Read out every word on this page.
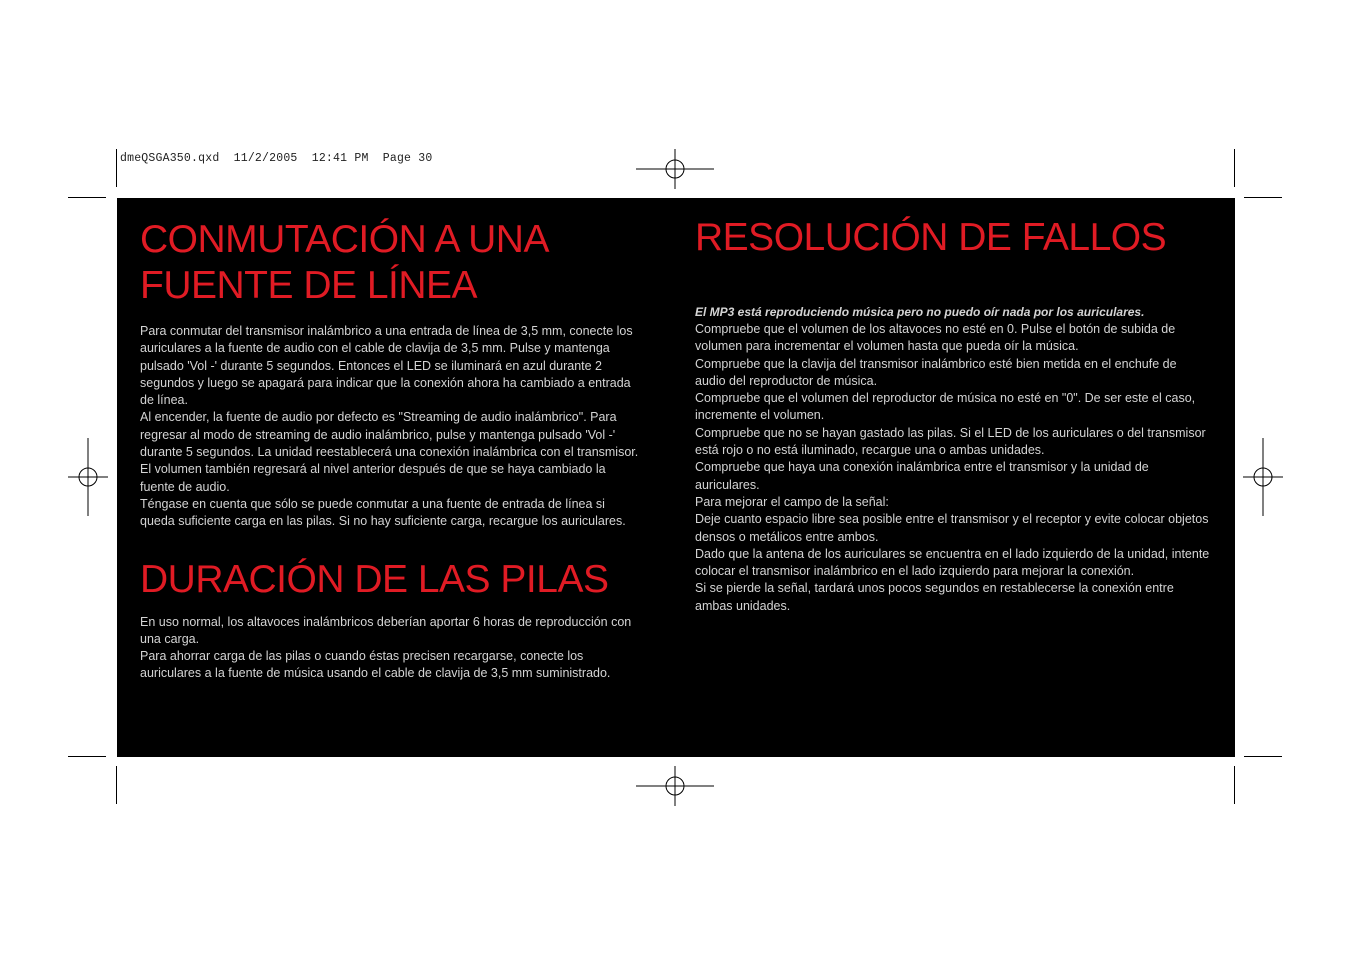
dmeQSGA350.qxd  11/2/2005  12:41 PM  Page 30
CONMUTACIÓN A UNA FUENTE DE LÍNEA

Para conmutar del transmisor inalámbrico a una entrada de línea de 3,5 mm, conecte los auriculares a la fuente de audio con el cable de clavija de 3,5 mm. Pulse y mantenga pulsado 'Vol -' durante 5 segundos. Entonces el LED se iluminará en azul durante 2 segundos y luego se apagará para indicar que la conexión ahora ha cambiado a entrada de línea.

Al encender, la fuente de audio por defecto es "Streaming de audio inalámbrico". Para regresar al modo de streaming de audio inalámbrico, pulse y mantenga pulsado 'Vol -' durante 5 segundos. La unidad reestablecerá una conexión inalámbrica con el transmisor. El volumen también regresará al nivel anterior después de que se haya cambiado la fuente de audio.

Téngase en cuenta que sólo se puede conmutar a una fuente de entrada de línea si queda suficiente carga en las pilas. Si no hay suficiente carga, recargue los auriculares.

DURACIÓN DE LAS PILAS

En uso normal, los altavoces inalámbricos deberían aportar 6 horas de reproducción con una carga.

Para ahorrar carga de las pilas o cuando éstas precisen recargarse, conecte los auriculares a la fuente de música usando el cable de clavija de 3,5 mm suministrado.

RESOLUCIÓN DE FALLOS
El MP3 está reproduciendo música pero no puedo oír nada por los auriculares.

Compruebe que el volumen de los altavoces no esté en 0. Pulse el botón de subida de volumen para incrementar el volumen hasta que pueda oír la música.

Compruebe que la clavija del transmisor inalámbrico esté bien metida en el enchufe de audio del reproductor de música.

Compruebe que el volumen del reproductor de música no esté en "0". De ser este el caso, incremente el volumen.

Compruebe que no se hayan gastado las pilas. Si el LED de los auriculares o del transmisor está rojo o no está iluminado, recargue una o ambas unidades.

Compruebe que haya una conexión inalámbrica entre el transmisor y la unidad de auriculares.

Para mejorar el campo de la señal:

Deje cuanto espacio libre sea posible entre el transmisor y el receptor y evite colocar objetos densos o metálicos entre ambos.

Dado que la antena de los auriculares se encuentra en el lado izquierdo de la unidad, intente colocar el transmisor inalámbrico en el lado izquierdo para mejorar la conexión.

Si se pierde la señal, tardará unos pocos segundos en restablecerse la conexión entre ambas unidades.
